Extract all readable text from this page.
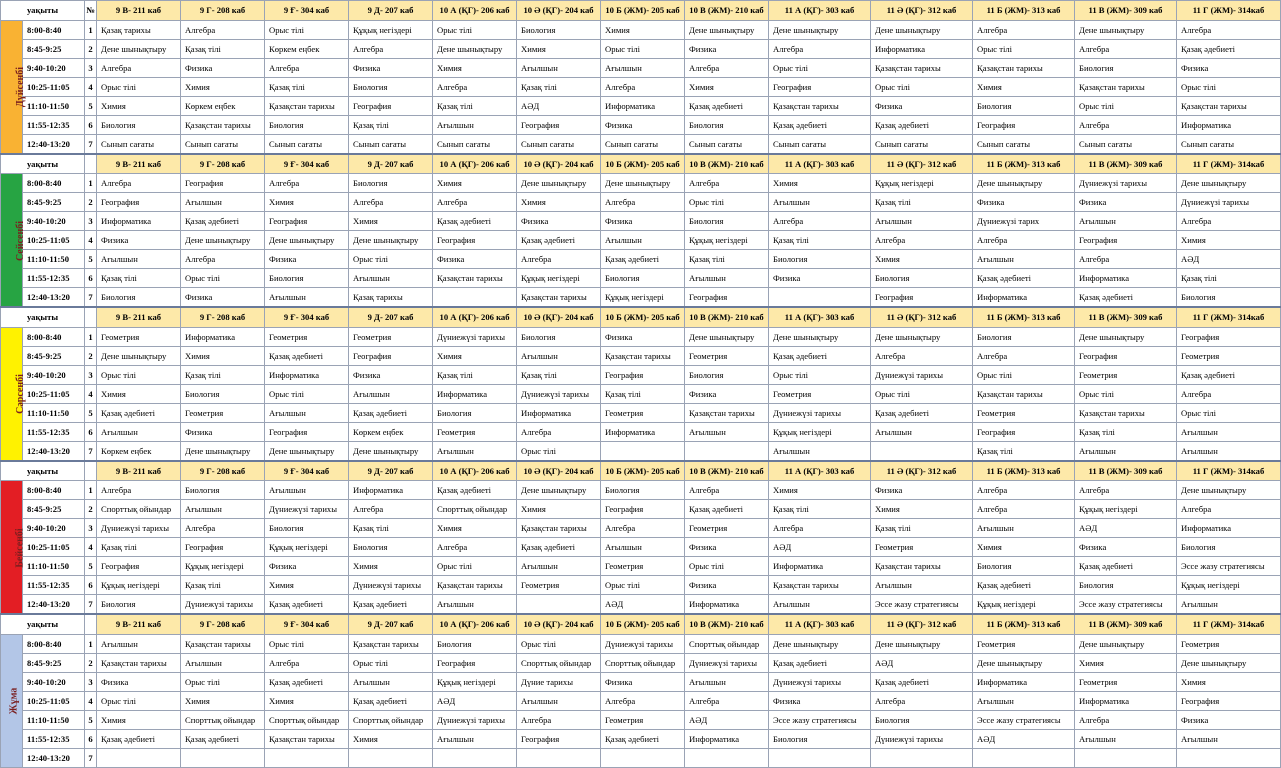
уақыты		№	9 В- 211 каб	9 Г- 208 каб	9 Ғ- 304 каб	9 Д- 207 каб	10 А (ҚГ)- 206 каб	10 Ә (ҚГ)- 204 каб	10 Б (ЖМ)- 205 каб	10 В (ЖМ)- 210 каб	11 А (ҚГ)- 303 каб	11 Ә (ҚГ)- 312 каб	11 Б (ЖМ)- 313 каб	11 В (ЖМ)- 309 каб	11 Г (ЖМ)- 314каб
Дүйсенбі	8:00-8:40	1	Қазақ тарихы	Алгебра	Орыс тілі	Құқық негіздері	Орыс тілі	Биология	Химия	Дене шынықтыру	Дене шынықтыру	Дене шынықтыру	Алгебра	Дене шынықтыру	Алгебра
	8:45-9:25	2	Дене шынықтыру	Қазақ тілі	Көркем еңбек	Алгебра	Дене шынықтыру	Химия	Орыс тілі	Физика	Алгебра	Информатика	Орыс тілі	Алгебра	Қазақ әдебиеті
	9:40-10:20	3	Алгебра	Физика	Алгебра	Физика	Химия	Ағылшын	Ағылшын	Алгебра	Орыс тілі	Қазақстан тарихы	Қазақстан тарихы	Биология	Физика
	10:25-11:05	4	Орыс тілі	Химия	Қазақ тілі	Биология	Алгебра	Қазақ тілі	Алгебра	Химия	География	Орыс тілі	Химия	Қазақстан тарихы	Орыс тілі
	11:10-11:50	5	Химия	Көркем еңбек	Қазақстан тарихы	География	Қазақ тілі	АӘД	Информатика	Қазақ әдебиеті	Қазақстан тарихы	Физика	Биология	Орыс тілі	Қазақстан тарихы
	11:55-12:35	6	Биология	Қазақстан тарихы	Биология	Қазақ тілі	Ағылшын	География	Физика	Биология	Қазақ әдебиеті	Қазақ әдебиеті	География	Алгебра	Информатика
	12:40-13:20	7	Сынып сағаты	Сынып сағаты	Сынып сағаты	Сынып сағаты	Сынып сағаты	Сынып сағаты	Сынып сағаты	Сынып сағаты	Сынып сағаты	Сынып сағаты	Сынып сағаты	Сынып сағаты	Сынып сағаты
уақыты			9 В- 211 каб	9 Г- 208 каб	9 Ғ- 304 каб	9 Д- 207 каб	10 А (ҚГ)- 206 каб	10 Ә (ҚГ)- 204 каб	10 Б (ЖМ)- 205 каб	10 В (ЖМ)- 210 каб	11 А (ҚГ)- 303 каб	11 Ә (ҚГ)- 312 каб	11 Б (ЖМ)- 313 каб	11 В (ЖМ)- 309 каб	11 Г (ЖМ)- 314каб
Сейсенбі	8:00-8:40	1	Алгебра	География	Алгебра	Биология	Химия	Дене шынықтыру	Дене шынықтыру	Алгебра	Химия	Құқық негіздері	Дене шынықтыру	Дүниежүзі тарихы	Дене шынықтыру
	8:45-9:25	2	География	Ағылшын	Химия	Алгебра	Алгебра	Химия	Алгебра	Орыс тілі	Ағылшын	Қазақ тілі	Физика	Физика	Дүниежүзі тарихы
	9:40-10:20	3	Информатика	Қазақ әдебиеті	География	Химия	Қазақ әдебиеті	Физика	Физика	Биология	Алгебра	Ағылшын	Дүниежүзі тарих	Ағылшын	Алгебра
	10:25-11:05	4	Физика	Дене шынықтыру	Дене шынықтыру	Дене шынықтыру	География	Қазақ әдебиеті	Ағылшын	Құқық негіздері	Қазақ тілі	Алгебра	Алгебра	География	Химия
	11:10-11:50	5	Ағылшын	Алгебра	Физика	Орыс тілі	Физика	Алгебра	Қазақ әдебиеті	Қазақ тілі	Биология	Химия	Ағылшын	Алгебра	АӘД
	11:55-12:35	6	Қазақ тілі	Орыс тілі	Биология	Ағылшын	Қазақстан тарихы	Құқық негіздері	Биология	Ағылшын	Физика	Биология	Қазақ әдебиеті	Информатика	Қазақ тілі
	12:40-13:20	7	Биология	Физика	Ағылшын	Қазақ тарихы		Қазақстан тарихы	Құқық негіздері	География		География	Информатика	Қазақ әдебиеті	Биология
уақыты			9 В- 211 каб	9 Г- 208 каб	9 Ғ- 304 каб	9 Д- 207 каб	10 А (ҚГ)- 206 каб	10 Ә (ҚГ)- 204 каб	10 Б (ЖМ)- 205 каб	10 В (ЖМ)- 210 каб	11 А (ҚГ)- 303 каб	11 Ә (ҚГ)- 312 каб	11 Б (ЖМ)- 313 каб	11 В (ЖМ)- 309 каб	11 Г (ЖМ)- 314каб
Сәрсенбі	8:00-8:40	1	Геометрия	Информатика	Геометрия	Геометрия	Дүниежүзі тарихы	Биология	Физика	Дене шынықтыру	Дене шынықтыру	Дене шынықтыру	Биология	Дене шынықтыру	География
	8:45-9:25	2	Дене шынықтыру	Химия	Қазақ әдебиеті	География	Химия	Ағылшын	Қазақстан тарихы	Геометрия	Қазақ әдебиеті	Алгебра	Алгебра	География	Геометрия
	9:40-10:20	3	Орыс тілі	Қазақ тілі	Информатика	Физика	Қазақ тілі	Қазақ тілі	География	Биология	Орыс тілі	Дүниежүзі тарихы	Орыс тілі	Геометрия	Қазақ әдебиеті
	10:25-11:05	4	Химия	Биология	Орыс тілі	Ағылшын	Информатика	Дүниежүзі тарихы	Қазақ тілі	Физика	Геометрия	Орыс тілі	Қазақстан тарихы	Орыс тілі	Алгебра
	11:10-11:50	5	Қазақ әдебиеті	Геометрия	Ағылшын	Қазақ әдебиеті	Биология	Информатика	Геометрия	Қазақстан тарихы	Дүниежүзі тарихы	Қазақ әдебиеті	Геометрия	Қазақстан тарихы	Орыс тілі
	11:55-12:35	6	Ағылшын	Физика	География	Көркем еңбек	Геометрия	Алгебра	Информатика	Ағылшын	Құқық негіздері	Ағылшын	География	Қазақ тілі	Ағылшын
	12:40-13:20	7	Көркем еңбек	Дене шынықтыру	Дене шынықтыру	Дене шынықтыру	Ағылшын	Орыс тілі			Ағылшын		Қазақ тілі	Ағылшын	Ағылшын
уақыты			9 В- 211 каб	9 Г- 208 каб	9 Ғ- 304 каб	9 Д- 207 каб	10 А (ҚГ)- 206 каб	10 Ә (ҚГ)- 204 каб	10 Б (ЖМ)- 205 каб	10 В (ЖМ)- 210 каб	11 А (ҚГ)- 303 каб	11 Ә (ҚГ)- 312 каб	11 Б (ЖМ)- 313 каб	11 В (ЖМ)- 309 каб	11 Г (ЖМ)- 314каб
Бейсенбі	8:00-8:40	1	Алгебра	Биология	Ағылшын	Информатика	Қазақ әдебиеті	Дене шынықтыру	Биология	Алгебра	Химия	Физика	Алгебра	Алгебра	Дене шынықтыру
	8:45-9:25	2	Спорттық ойындар	Ағылшын	Дүниежүзі тарихы	Алгебра	Спорттық ойындар	Химия	География	Қазақ әдебиеті	Қазақ тілі	Химия	Алгебра	Құқық негіздері	Алгебра
	9:40-10:20	3	Дүниежүзі тарихы	Алгебра	Биология	Қазақ тілі	Химия	Қазақстан тарихы	Алгебра	Геометрия	Алгебра	Қазақ тілі	Ағылшын	АӘД	Информатика
	10:25-11:05	4	Қазақ тілі	География	Құқық негіздері	Биология	Алгебра	Қазақ әдебиеті	Ағылшын	Физика	АӘД	Геометрия	Химия	Физика	Биология
	11:10-11:50	5	География	Құқық негіздері	Физика	Химия	Орыс тілі	Ағылшын	Геометрия	Орыс тілі	Информатика	Қазақстан тарихы	Биология	Қазақ әдебиеті	Эссе жазу стратегиясы
	11:55-12:35	6	Құқық негіздері	Қазақ тілі	Химия	Дүниежүзі тарихы	Қазақстан тарихы	Геометрия	Орыс тілі	Физика	Қазақстан тарихы	Ағылшын	Қазақ әдебиеті	Биология	Құқық негіздері
	12:40-13:20	7	Биология	Дүниежүзі тарихы	Қазақ әдебиеті	Қазақ әдебиеті	Ағылшын		АӘД	Информатика	Ағылшын	Эссе жазу стратегиясы	Құқық негіздері	Эссе жазу стратегиясы	Ағылшын
уақыты			9 В- 211 каб	9 Г- 208 каб	9 Ғ- 304 каб	9 Д- 207 каб	10 А (ҚГ)- 206 каб	10 Ә (ҚГ)- 204 каб	10 Б (ЖМ)- 205 каб	10 В (ЖМ)- 210 каб	11 А (ҚГ)- 303 каб	11 Ә (ҚГ)- 312 каб	11 Б (ЖМ)- 313 каб	11 В (ЖМ)- 309 каб	11 Г (ЖМ)- 314каб
Жұма	8:00-8:40	1	Ағылшын	Қазақстан тарихы	Орыс тілі	Қазақстан тарихы	Биология	Орыс тілі	Дүниежүзі тарихы	Спорттық ойындар	Дене шынықтыру	Дене шынықтыру	Геометрия	Дене шынықтыру	Геометрия
	8:45-9:25	2	Қазақстан тарихы	Ағылшын	Алгебра	Орыс тілі	География	Спорттық ойындар	Спорттық ойындар	Дүниежүзі тарихы	Қазақ әдебиеті	АӘД	Дене шынықтыру	Химия	Дене шынықтыру
	9:40-10:20	3	Физика	Орыс тілі	Қазақ әдебиеті	Ағылшын	Құқық негіздері	Дүние тарихы	Физика	Ағылшын	Дүниежүзі тарихы	Қазақ әдебиеті	Информатика	Геометрия	Химия
	10:25-11:05	4	Орыс тілі	Химия	Химия	Қазақ әдебиеті	АӘД	Ағылшын	Алгебра	Алгебра	Физика	Алгебра	Ағылшын	Информатика	География
	11:10-11:50	5	Химия	Спорттық ойындар	Спорттық ойындар	Спорттық ойындар	Дүниежүзі тарихы	Алгебра	Геометрия	АӘД	Эссе жазу стратегиясы	Биология	Эссе жазу стратегиясы	Алгебра	Физика
	11:55-12:35	6	Қазақ әдебиеті	Қазақ әдебиеті	Қазақстан тарихы	Химия	Ағылшын	География	Қазақ әдебиеті	Информатика	Биология	Дүниежүзі тарихы	АӘД	Ағылшын	Ағылшын
	12:40-13:20	7													
